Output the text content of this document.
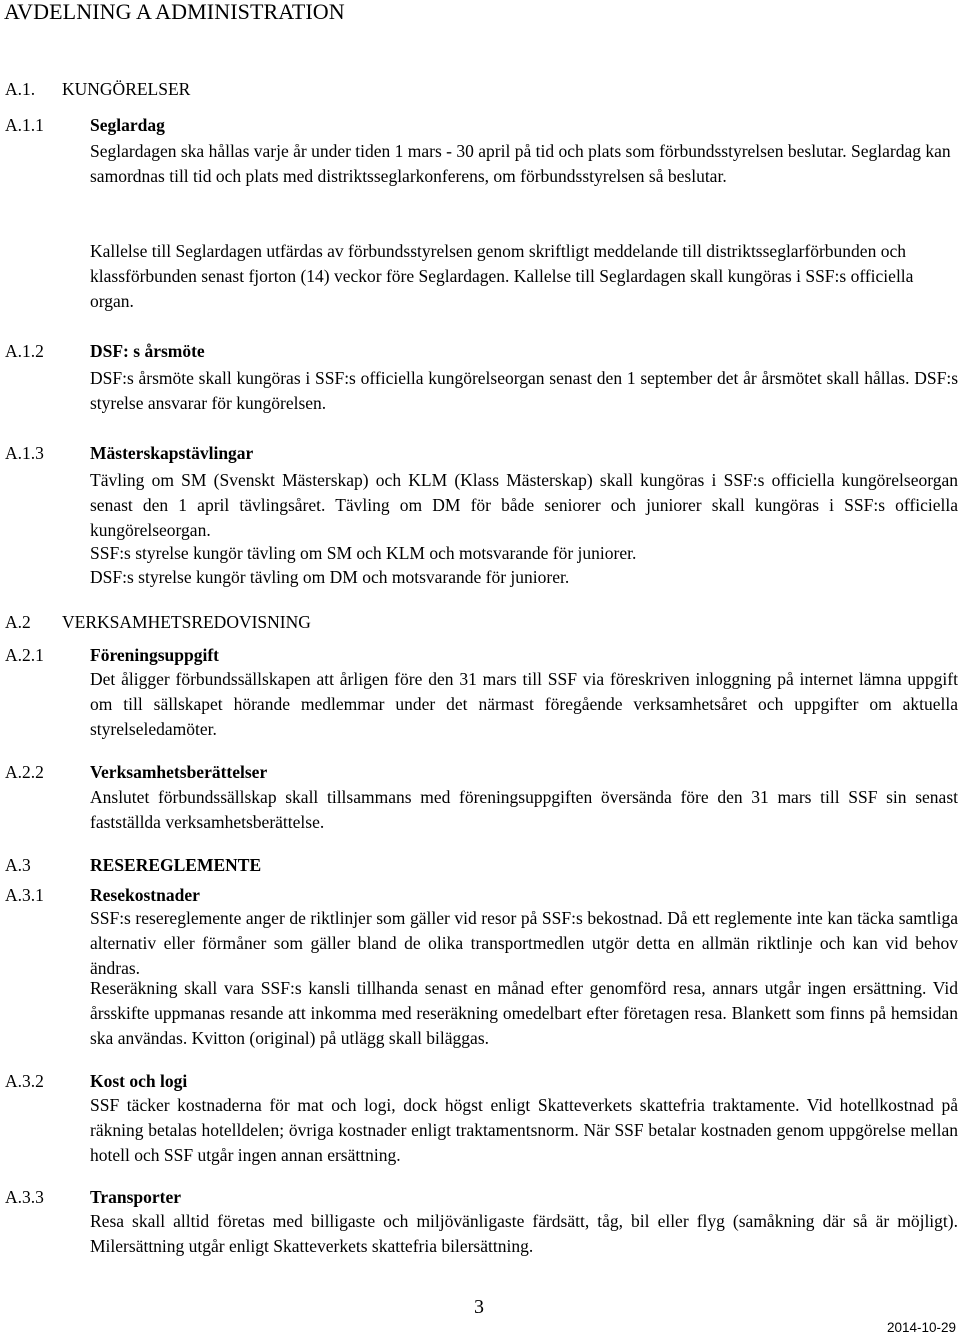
AVDELNING A ADMINISTRATION
A.1. KUNGÖRELSER
A.1.1	Seglardag
Seglardagen ska hållas varje år under tiden 1 mars - 30 april på tid och plats som förbundsstyrelsen beslutar. Seglardag kan samordnas till tid och plats med distriktsseglarkonferens, om förbundsstyrelsen så beslutar.
Kallelse till Seglardagen utfärdas av förbundsstyrelsen genom skriftligt meddelande till distriktsseglarförbunden och klassförbunden senast fjorton (14) veckor före Seglardagen. Kallelse till Seglardagen skall kungöras i SSF:s officiella organ.
A.1.2	DSF: s årsmöte
DSF:s årsmöte skall kungöras i SSF:s officiella kungörelseorgan senast den 1 september det år årsmötet skall hållas. DSF:s styrelse ansvarar för kungörelsen.
A.1.3	Mästerskapstävlingar
Tävling om SM (Svenskt Mästerskap) och KLM (Klass Mästerskap) skall kungöras i SSF:s officiella kungörelseorgan senast den 1 april tävlingsåret. Tävling om DM för både seniorer och juniorer skall kungöras i SSF:s officiella kungörelseorgan.
SSF:s styrelse kungör tävling om SM och KLM och motsvarande för juniorer.
DSF:s styrelse kungör tävling om DM och motsvarande för juniorer.
A.2 VERKSAMHETSREDOVISNING
A.2.1	Föreningsuppgift
Det åligger förbundssällskapen att årligen före den 31 mars till SSF via föreskriven inloggning på internet lämna uppgift om till sällskapet hörande medlemmar under det närmast föregående verksamhetsåret och uppgifter om aktuella styrelseledamöter.
A.2.2	Verksamhetsberättelser
Anslutet förbundssällskap skall tillsammans med föreningsuppgiften översända före den 31 mars till SSF sin senast fastställda verksamhetsberättelse.
A.3	RESEREGLEMENTE
A.3.1	Resekostnader
SSF:s resereglemente anger de riktlinjer som gäller vid resor på SSF:s bekostnad. Då ett reglemente inte kan täcka samtliga alternativ eller förmåner som gäller bland de olika transportmedlen utgör detta en allmän riktlinje och kan vid behov ändras.
Reseräkning skall vara SSF:s kansli tillhanda senast en månad efter genomförd resa, annars utgår ingen ersättning. Vid årsskifte uppmanas resande att inkomma med reseräkning omedelbart efter företagen resa. Blankett som finns på hemsidan ska användas. Kvitton (original) på utlägg skall biläggas.
A.3.2	Kost och logi
SSF täcker kostnaderna för mat och logi, dock högst enligt Skatteverkets skattefria traktamente. Vid hotellkostnad på räkning betalas hotelldelen; övriga kostnader enligt traktamentsnorm. När SSF betalar kostnaden genom uppgörelse mellan hotell och SSF utgår ingen annan ersättning.
A.3.3	Transporter
Resa skall alltid företas med billigaste och miljövänligaste färdsätt, tåg, bil eller flyg (samåkning där så är möjligt). Milersättning utgår enligt Skatteverkets skattefria bilersättning.
3
2014-10-29
